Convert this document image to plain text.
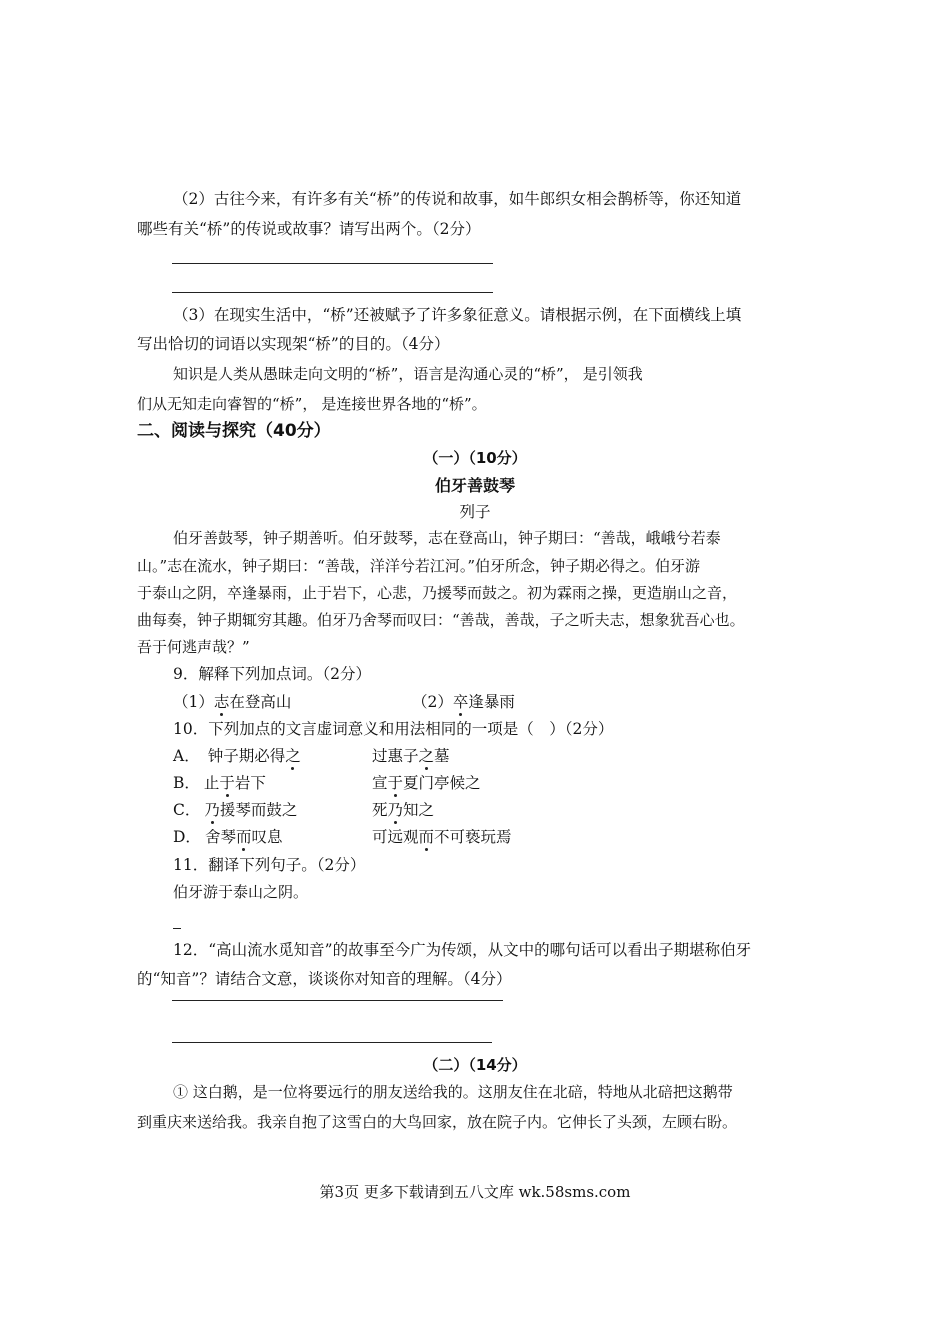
（2）古往今来，有许多有关“桥”的传说和故事，如牛郎织女相会鹊桥等，你还知道
哪些有关“桥”的传说或故事？请写出两个。（2分）
（3）在现实生活中，“桥”还被赋予了许多象征意义。请根据示例，在下面横线上填
写出恰切的词语以实现架“桥”的目的。（4分）
知识是人类从愚昧走向文明的“桥”，语言是沟通心灵的“桥”， 是引领我
们从无知走向睿智的“桥”， 是连接世界各地的“桥”。
二、阅读与探究（40分）
（一）（10分）
伯牙善鼓琴
列子
伯牙善鼓琴，钟子期善听。伯牙鼓琴，志在登高山，钟子期曰：“善哉，峨峨兮若泰
山。”志在流水，钟子期曰：“善哉，洋洋兮若江河。”伯牙所念，钟子期必得之。伯牙游
于泰山之阴，卒逢暴雨，止于岩下，心悲，乃援琴而鼓之。初为霖雨之操，更造崩山之音，
曲每奏，钟子期辄穷其趣。伯牙乃舍琴而叹曰：“善哉，善哉，子之听夫志，想象犹吾心也。
吾于何逃声哉？”
9．解释下列加点词。（2分）
（1）志在登高山	（2）卒逢暴雨
10．下列加点的文言虚词意义和用法相同的一项是（　）（2分）
A． 钟子期必得之	过惠子之墓
B． 止于岩下	宣于夏门亭候之
C． 乃援琴而鼓之	死乃知之
D． 舍琴而叹息	可远观而不可亵玩焉
11．翻译下列句子。（2分）
伯牙游于泰山之阴。
12．“高山流水觅知音”的故事至今广为传颂，从文中的哪句话可以看出子期堪称伯牙
的“知音”？请结合文意，谈谈你对知音的理解。（4分）
（二）（14分）
① 这白鹅，是一位将要远行的朋友送给我的。这朋友住在北碚，特地从北碚把这鹅带
到重庆来送给我。我亲自抱了这雪白的大鸟回家，放在院子内。它伸长了头颈，左顾右盼。
第3页 更多下载请到五八文库 wk.58sms.com
